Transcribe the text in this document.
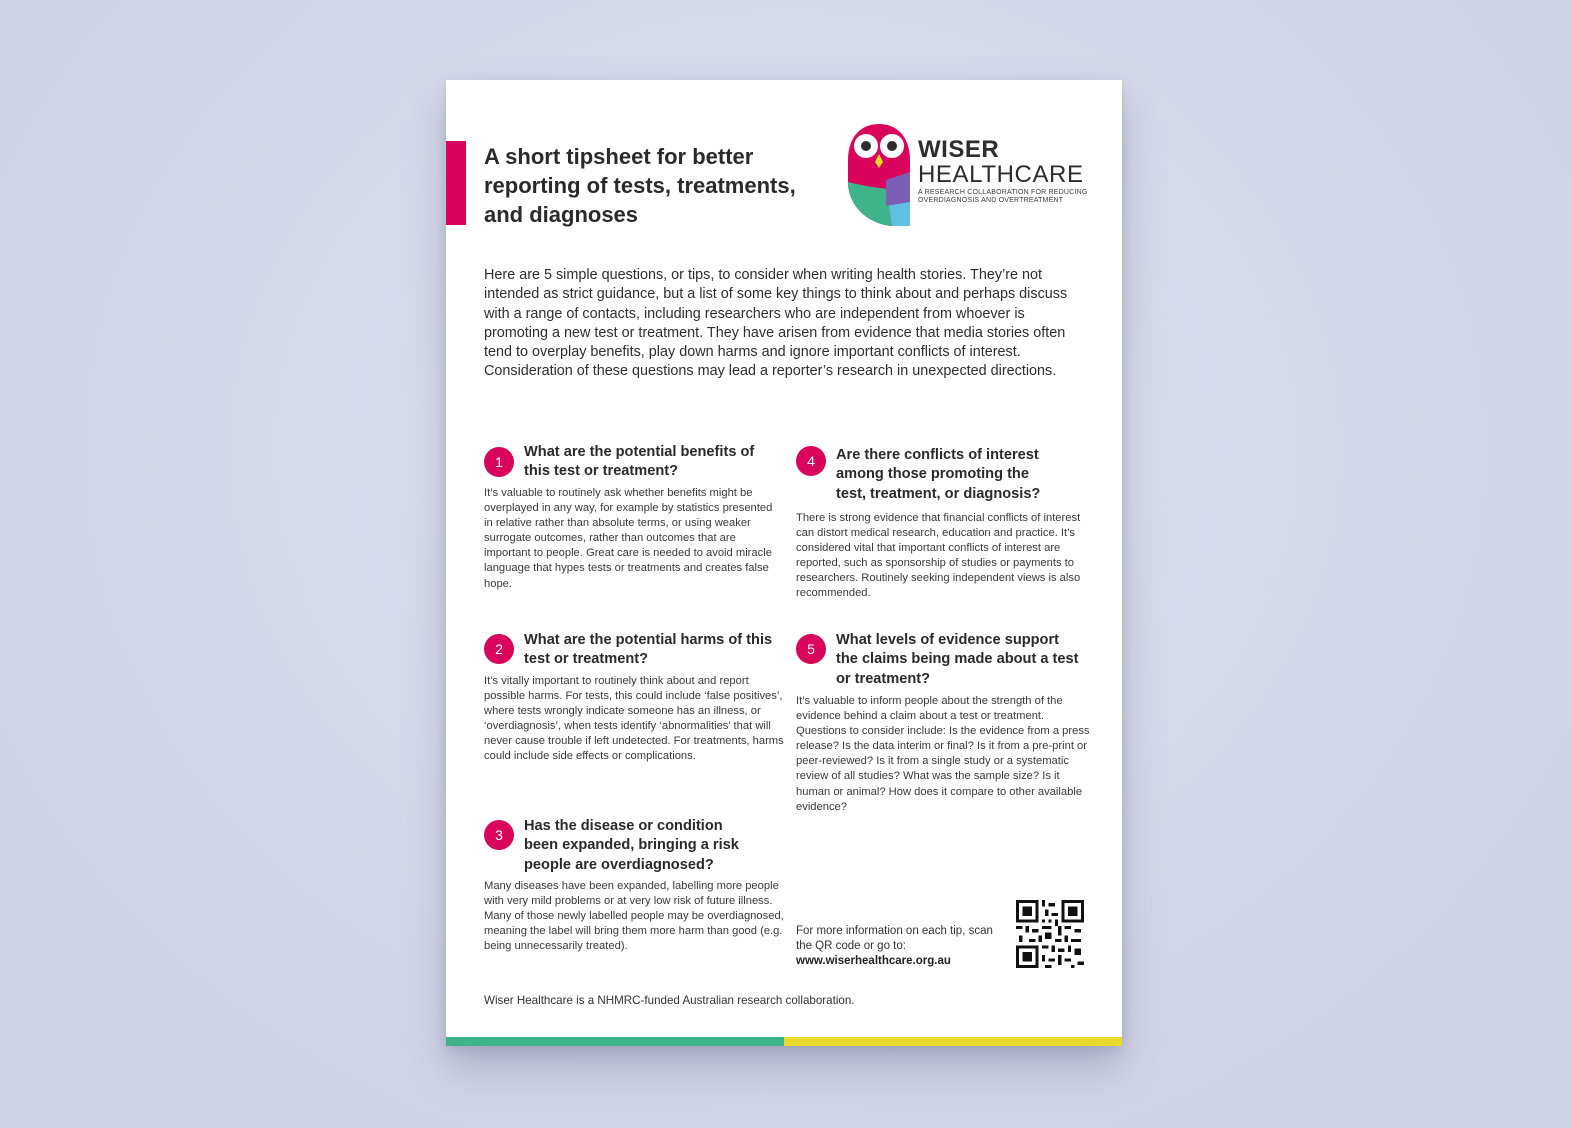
A short tipsheet for better reporting of tests, treatments, and diagnoses
WISER
HEALTHCARE
A RESEARCH COLLABORATION FOR REDUCING OVERDIAGNOSIS AND OVERTREATMENT

Here are 5 simple questions, or tips, to consider when writing health stories. They’re not intended as strict guidance, but a list of some key things to think about and perhaps discuss with a range of contacts, including researchers who are independent from whoever is promoting a new test or treatment. They have arisen from evidence that media stories often tend to overplay benefits, play down harms and ignore important conflicts of interest. Consideration of these questions may lead a reporter’s research in unexpected directions.

1
What are the potential benefits of this test or treatment?

It’s valuable to routinely ask whether benefits might be overplayed in any way, for example by statistics presented in relative rather than absolute terms, or using weaker surrogate outcomes, rather than outcomes that are important to people. Great care is needed to avoid miracle language that hypes tests or treatments and creates false hope.

2
What are the potential harms of this test or treatment?

It’s vitally important to routinely think about and report possible harms. For tests, this could include ‘false positives’, where tests wrongly indicate someone has an illness, or ‘overdiagnosis’, when tests identify ‘abnormalities’ that will never cause trouble if left undetected. For treatments, harms could include side effects or complications.

3
Has the disease or condition been expanded, bringing a risk people are overdiagnosed?

Many diseases have been expanded, labelling more people with very mild problems or at very low risk of future illness. Many of those newly labelled people may be overdiagnosed, meaning the label will bring them more harm than good (e.g. being unnecessarily treated).

4	Are there conflicts of interest among those promoting the test, treatment, or diagnosis?

There is strong evidence that financial conflicts of interest can distort medical research, education and practice. It’s considered vital that important conflicts of interest are reported, such as sponsorship of studies or payments to researchers. Routinely seeking independent views is also recommended.

5
What levels of evidence support the claims being made about a test or treatment?

It’s valuable to inform people about the strength of the evidence behind a claim about a test or treatment. Questions to consider include: Is the evidence from a press release? Is the data interim or final? Is it from a pre-print or peer-reviewed? Is it from a single study or a systematic review of all studies? What was the sample size? Is it human or animal? How does it compare to other available evidence?

For more information on each tip, scan the QR code or go to:
www.wiserhealthcare.org.au
Wiser Healthcare is a NHMRC-funded Australian research collaboration.
